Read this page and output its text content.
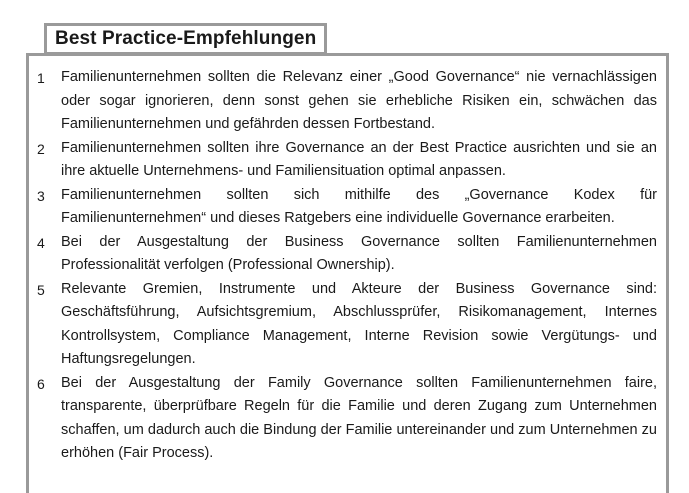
Best Practice-Empfehlungen
1	Familienunternehmen sollten die Relevanz einer „Good Governance“ nie vernachlässigen oder sogar ignorieren, denn sonst gehen sie erhebliche Risiken ein, schwächen das Familienunternehmen und gefährden dessen Fortbestand.
2	Familienunternehmen sollten ihre Governance an der Best Practice ausrichten und sie an ihre aktuelle Unternehmens- und Familiensituation optimal anpassen.
3	Familienunternehmen sollten sich mithilfe des „Governance Kodex für Familienunternehmen“ und dieses Ratgebers eine individuelle Governance erarbeiten.
4	Bei der Ausgestaltung der Business Governance sollten Familienunternehmen Professionalität verfolgen (Professional Ownership).
5	Relevante Gremien, Instrumente und Akteure der Business Governance sind: Geschäftsführung, Aufsichtsgremium, Abschlussprüfer, Risikomanagement, Internes Kontrollsystem, Compliance Management, Interne Revision sowie Vergütungs- und Haftungsregelungen.
6	Bei der Ausgestaltung der Family Governance sollten Familienunternehmen faire, transparente, überprüfbare Regeln für die Familie und deren Zugang zum Unternehmen schaffen, um dadurch auch die Bindung der Familie untereinander und zum Unternehmen zu erhöhen (Fair Process).
